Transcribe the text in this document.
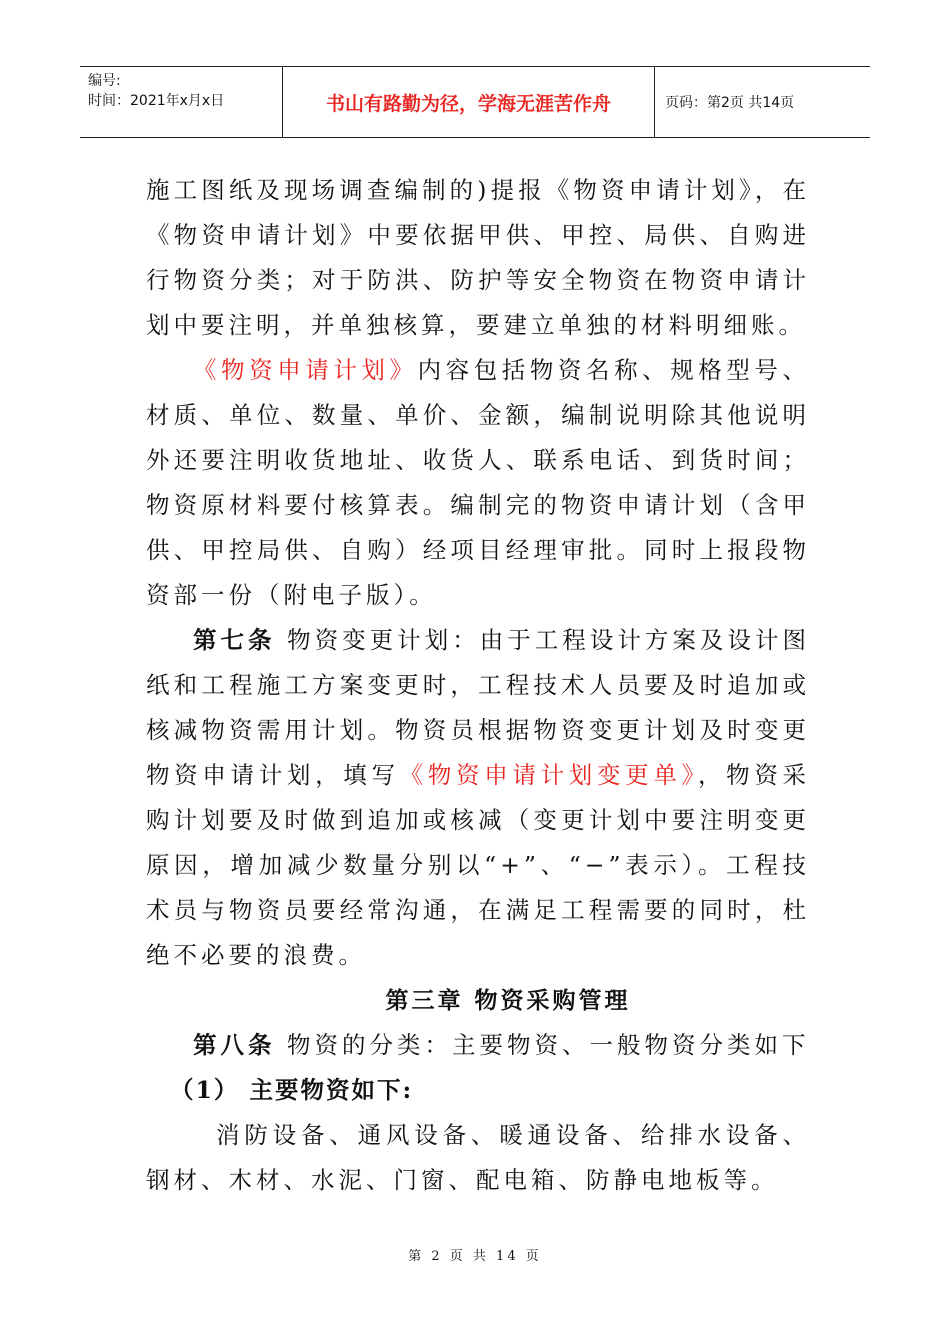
编号:
时间：2021年x月x日	书山有路勤为径，学海无涯苦作舟	页码：第2页 共14页

施工图纸及现场调查编制的)提报《物资申请计划》，在《物资申请计划》中要依据甲供、甲控、局供、自购进行物资分类；对于防洪、防护等安全物资在物资申请计划中要注明，并单独核算，要建立单独的材料明细账。

《物资申请计划》内容包括物资名称、规格型号、材质、单位、数量、单价、金额，编制说明除其他说明外还要注明收货地址、收货人、联系电话、到货时间；物资原材料要付核算表。编制完的物资申请计划（含甲供、甲控局供、自购）经项目经理审批。同时上报段物资部一份（附电子版）。

第七条 物资变更计划：由于工程设计方案及设计图纸和工程施工方案变更时，工程技术人员要及时追加或核减物资需用计划。物资员根据物资变更计划及时变更物资申请计划，填写《物资申请计划变更单》，物资采购计划要及时做到追加或核减（变更计划中要注明变更原因，增加减少数量分别以“+”、“−”表示）。工程技术员与物资员要经常沟通，在满足工程需要的同时，杜绝不必要的浪费。

第三章 物资采购管理

第八条 物资的分类：主要物资、一般物资分类如下

（1） 主要物资如下:

消防设备、通风设备、暖通设备、给排水设备、钢材、木材、水泥、门窗、配电箱、防静电地板等。

第 2 页 共 14 页
